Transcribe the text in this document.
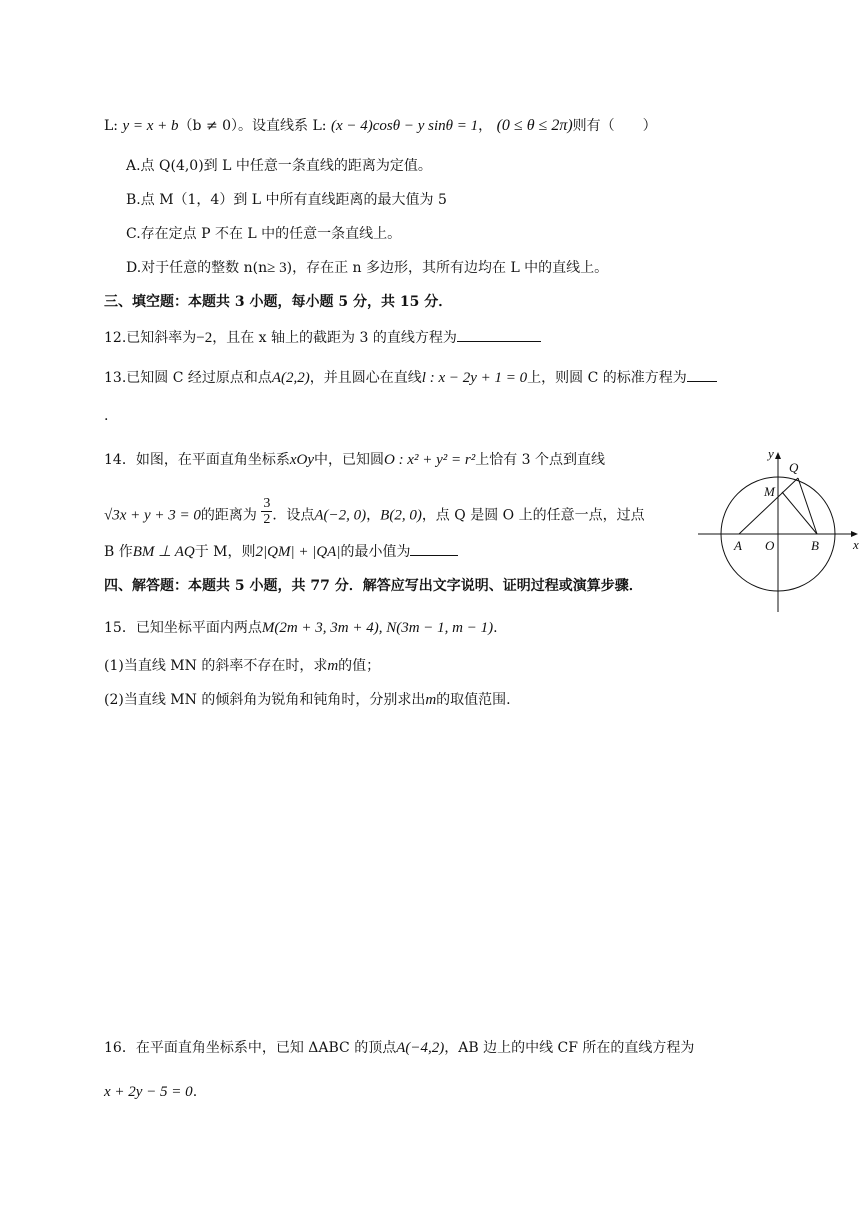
L: y = x + b（b ≠ 0）。设直线系 L: (x − 4)cosθ − y sinθ = 1， (0 ≤ θ ≤ 2π)则有（　　）
A.点 Q(4,0)到 L 中任意一条直线的距离为定值。
B.点 M（1，4）到 L 中所有直线距离的最大值为 5
C.存在定点 P 不在 L 中的任意一条直线上。
D.对于任意的整数 n(n≥ 3)，存在正 n 多边形，其所有边均在 L 中的直线上。
三、填空题：本题共 3 小题，每小题 5 分，共 15 分．
12.已知斜率为−2，且在 x 轴上的截距为 3 的直线方程为
13.已知圆 C 经过原点和点A(2,2)，并且圆心在直线l : x − 2y + 1 = 0上，则圆 C 的标准方程为
.
14．如图，在平面直角坐标系xOy中，已知圆O : x² + y² = r²上恰有 3 个点到直线
√3x + y + 3 = 0的距离为 $\frac{3}{2}$ ．设点A(−2, 0)，B(2, 0)，点 Q 是圆 O 上的任意一点，过点
B 作BM ⊥ AQ于 M，则2|QM| + |QA|的最小值为
y
x
Q
M
A O	B
四、解答题：本题共 5 小题，共 77 分．解答应写出文字说明、证明过程或演算步骤．
15．已知坐标平面内两点M(2m + 3, 3m + 4), N(3m − 1, m − 1).
(1)当直线 MN 的斜率不存在时，求m的值；
(2)当直线 MN 的倾斜角为锐角和钝角时，分别求出m的取值范围.
16．在平面直角坐标系中，已知 ΔABC 的顶点A(−4,2)，AB 边上的中线 CF 所在的直线方程为
x + 2y − 5 = 0.
